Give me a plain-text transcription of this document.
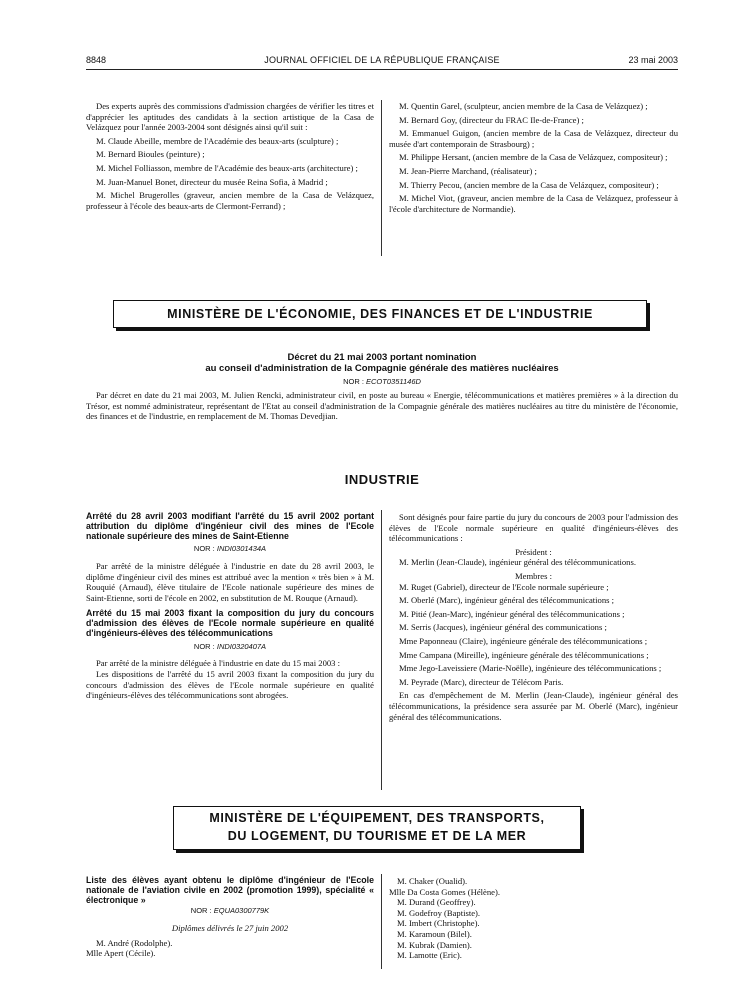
8848	JOURNAL OFFICIEL DE LA RÉPUBLIQUE FRANÇAISE	23 mai 2003

Des experts auprès des commissions d'admission chargées de vérifier les titres et d'apprécier les aptitudes des candidats à la section artistique de la Casa de Velázquez pour l'année 2003-2004 sont désignés ainsi qu'il suit :

M. Claude Abeille, membre de l'Académie des beaux-arts (sculpture) ;

M. Bernard Bioules (peinture) ;

M. Michel Folliasson, membre de l'Académie des beaux-arts (architecture) ;

M. Juan-Manuel Bonet, directeur du musée Reina Sofia, à Madrid ;

M. Michel Brugerolles (graveur, ancien membre de la Casa de Velázquez, professeur à l'école des beaux-arts de Clermont-Ferrand) ;

M. Quentin Garel, (sculpteur, ancien membre de la Casa de Velázquez) ;

M. Bernard Goy, (directeur du FRAC Ile-de-France) ;

M. Emmanuel Guigon, (ancien membre de la Casa de Velázquez, directeur du musée d'art contemporain de Strasbourg) ;

M. Philippe Hersant, (ancien membre de la Casa de Velázquez, compositeur) ;

M. Jean-Pierre Marchand, (réalisateur) ;

M. Thierry Pecou, (ancien membre de la Casa de Velázquez, compositeur) ;

M. Michel Viot, (graveur, ancien membre de la Casa de Velázquez, professeur à l'école d'architecture de Normandie).

MINISTÈRE DE L'ÉCONOMIE, DES FINANCES ET DE L'INDUSTRIE
Décret du 21 mai 2003 portant nomination
au conseil d'administration de la Compagnie générale des matières nucléaires
NOR : ECOT0351146D

Par décret en date du 21 mai 2003, M. Julien Rencki, administrateur civil, en poste au bureau « Energie, télécommunications et matières premières » à la direction du Trésor, est nommé administrateur, représentant de l'Etat au conseil d'administration de la Compagnie générale des matières nucléaires au titre du ministère de l'économie, des finances et de l'industrie, en remplacement de M. Thomas Devedjian.

INDUSTRIE
Arrêté du 28 avril 2003 modifiant l'arrêté du 15 avril 2002 portant attribution du diplôme d'ingénieur civil des mines de l'Ecole nationale supérieure des mines de Saint-Etienne
NOR : INDI0301434A

Par arrêté de la ministre déléguée à l'industrie en date du 28 avril 2003, le diplôme d'ingénieur civil des mines est attribué avec la mention « très bien » à M. Rouquié (Arnaud), élève titulaire de l'Ecole nationale supérieure des mines de Saint-Etienne, sorti de l'école en 2002, en substitution de M. Rouque (Arnaud).

Arrêté du 15 mai 2003 fixant la composition du jury du concours d'admission des élèves de l'Ecole normale supérieure en qualité d'ingénieurs-élèves des télécommunications
NOR : INDI0320407A

Par arrêté de la ministre déléguée à l'industrie en date du 15 mai 2003 :

Les dispositions de l'arrêté du 15 avril 2003 fixant la composition du jury du concours d'admission des élèves de l'Ecole normale supérieure en qualité d'ingénieurs-élèves des télécommunications sont abrogées.

Sont désignés pour faire partie du jury du concours de 2003 pour l'admission des élèves de l'Ecole normale supérieure en qualité d'ingénieurs-élèves des télécommunications :

Président :

M. Merlin (Jean-Claude), ingénieur général des télécommunications.

Membres :

M. Ruget (Gabriel), directeur de l'Ecole normale supérieure ;

M. Oberlé (Marc), ingénieur général des télécommunications ;

M. Pitié (Jean-Marc), ingénieur général des télécommunications ;

M. Serris (Jacques), ingénieur général des communications ;

Mme Paponneau (Claire), ingénieure générale des télécommunications ;

Mme Campana (Mireille), ingénieure générale des télécommunications ;

Mme Jego-Laveissiere (Marie-Noëlle), ingénieure des télécommunications ;

M. Peyrade (Marc), directeur de Télécom Paris.

En cas d'empêchement de M. Merlin (Jean-Claude), ingénieur général des télécommunications, la présidence sera assurée par M. Oberlé (Marc), ingénieur général des télécommunications.

MINISTÈRE DE L'ÉQUIPEMENT, DES TRANSPORTS,
DU LOGEMENT, DU TOURISME ET DE LA MER
Liste des élèves ayant obtenu le diplôme d'ingénieur de l'Ecole nationale de l'aviation civile en 2002 (promotion 1999), spécialité « électronique »
NOR : EQUA0300779K

Diplômes délivrés le 27 juin 2002

M. André (Rodolphe).

Mlle Apert (Cécile).

M. Chaker (Oualid).

Mlle Da Costa Gomes (Hélène).

M. Durand (Geoffrey).

M. Godefroy (Baptiste).

M. Imbert (Christophe).

M. Karamoun (Bilel).

M. Kubrak (Damien).

M. Lamotte (Eric).
